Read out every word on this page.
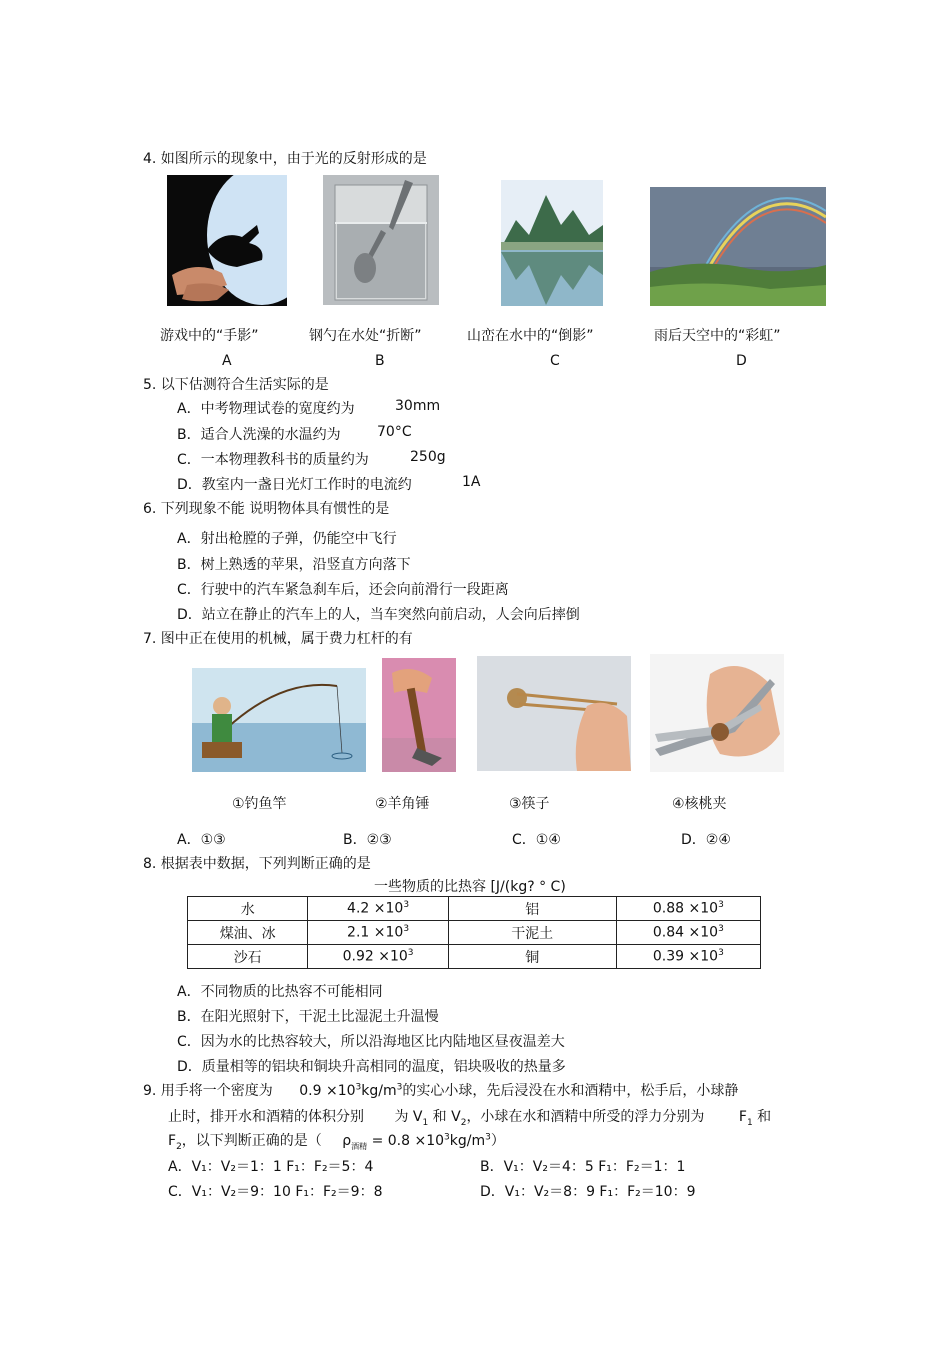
4. 如图所示的现象中，由于光的反射形成的是
游戏中的“手影”	钢勺在水处“折断”	山峦在水中的“倒影”	雨后天空中的“彩虹”
A	B	C	D
5. 以下估测符合生活实际的是
A．中考物理试卷的宽度约为	30mm
B．适合人洗澡的水温约为	70°C
C．一本物理教科书的质量约为	250g
D．教室内一盏日光灯工作时的电流约	1A
6. 下列现象不能 说明物体具有惯性的是
A．射出枪膛的子弹，仍能空中飞行
B．树上熟透的苹果，沿竖直方向落下
C．行驶中的汽车紧急刹车后，还会向前滑行一段距离
D．站立在静止的汽车上的人，当车突然向前启动，人会向后摔倒
7. 图中正在使用的机械，属于费力杠杆的有
①钓鱼竿	②羊角锤	③筷子	④核桃夹
A．①③	B．②③	C．①④	D．②④
8. 根据表中数据，下列判断正确的是
一些物质的比热容 [J/(kg? ° C)
水	$4.2 \times 10^3$	铝	$0.88 \times 10^3$
煤油、冰	$2.1 \times 10^3$	干泥土	$0.84 \times 10^3$
沙石	$0.92 \times 10^3$	铜	$0.39 \times 10^3$
A．不同物质的比热容不可能相同
B．在阳光照射下，干泥土比湿泥土升温慢
C．因为水的比热容较大，所以沿海地区比内陆地区昼夜温差大
D．质量相等的铝块和铜块升高相同的温度，铝块吸收的热量多
9. 用手将一个密度为 $0.9 \times 10^3kg/m^3$的实心小球，先后浸没在水和酒精中，松手后，小球静
止时，排开水和酒精的体积分别 为 $V_1$ 和 $V_2$，小球在水和酒精中所受的浮力分别为 $F_1$ 和
$F_2$，以下判断正确的是（ $\rho_{酒精} = 0.8 \times 10^3kg/m^3$）
A．V₁：V₂＝1：1 F₁：F₂＝5：4	B．V₁：V₂＝4：5 F₁：F₂＝1：1
C．V₁：V₂＝9：10 F₁：F₂＝9：8	D．V₁：V₂＝8：9 F₁：F₂＝10：9
